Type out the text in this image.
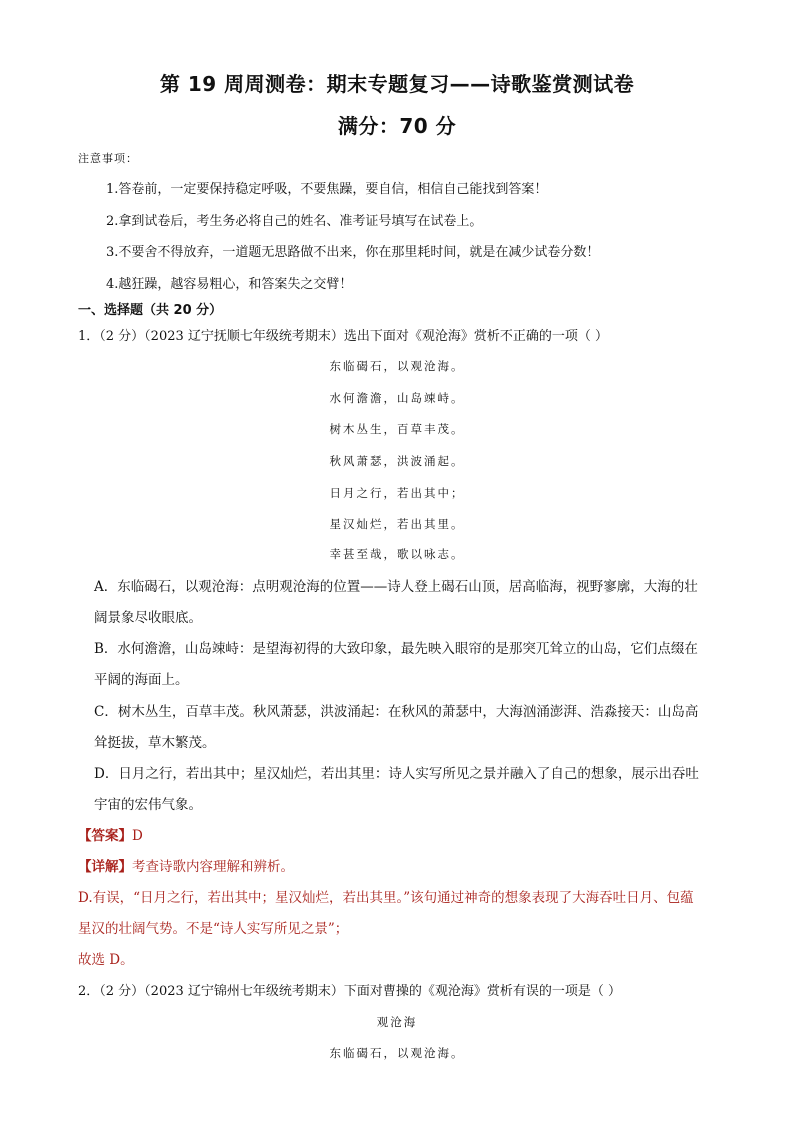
第 19 周周测卷：期末专题复习——诗歌鉴赏测试卷
满分：70 分
注意事项：
1.答卷前，一定要保持稳定呼吸，不要焦躁，要自信，相信自己能找到答案！
2.拿到试卷后，考生务必将自己的姓名、准考证号填写在试卷上。
3.不要舍不得放弃，一道题无思路做不出来，你在那里耗时间，就是在减少试卷分数！
4.越狂躁，越容易粗心，和答案失之交臂！
一、选择题（共 20 分）
1．（2 分）（2023 辽宁抚顺七年级统考期末）选出下面对《观沧海》赏析不正确的一项（ ）
东临碣石，以观沧海。
水何澹澹，山岛竦峙。
树木丛生，百草丰茂。
秋风萧瑟，洪波涌起。
日月之行，若出其中；
星汉灿烂，若出其里。
幸甚至哉，歌以咏志。
A．东临碣石，以观沧海：点明观沧海的位置——诗人登上碣石山顶，居高临海，视野寥廓，大海的壮
阔景象尽收眼底。
B．水何澹澹，山岛竦峙：是望海初得的大致印象，最先映入眼帘的是那突兀耸立的山岛，它们点缀在
平阔的海面上。
C．树木丛生，百草丰茂。秋风萧瑟，洪波涌起：在秋风的萧瑟中，大海汹涌澎湃、浩淼接天：山岛高
耸挺拔，草木繁茂。
D．日月之行，若出其中；星汉灿烂，若出其里：诗人实写所见之景并融入了自己的想象，展示出吞吐
宇宙的宏伟气象。
【答案】D
【详解】考查诗歌内容理解和辨析。
D.有误，“日月之行，若出其中；星汉灿烂，若出其里。”该句通过神奇的想象表现了大海吞吐日月、包蕴
星汉的壮阔气势。不是“诗人实写所见之景”；
故选 D。
2．（2 分）（2023 辽宁锦州七年级统考期末）下面对曹操的《观沧海》赏析有误的一项是（ ）
观沧海
东临碣石，以观沧海。
